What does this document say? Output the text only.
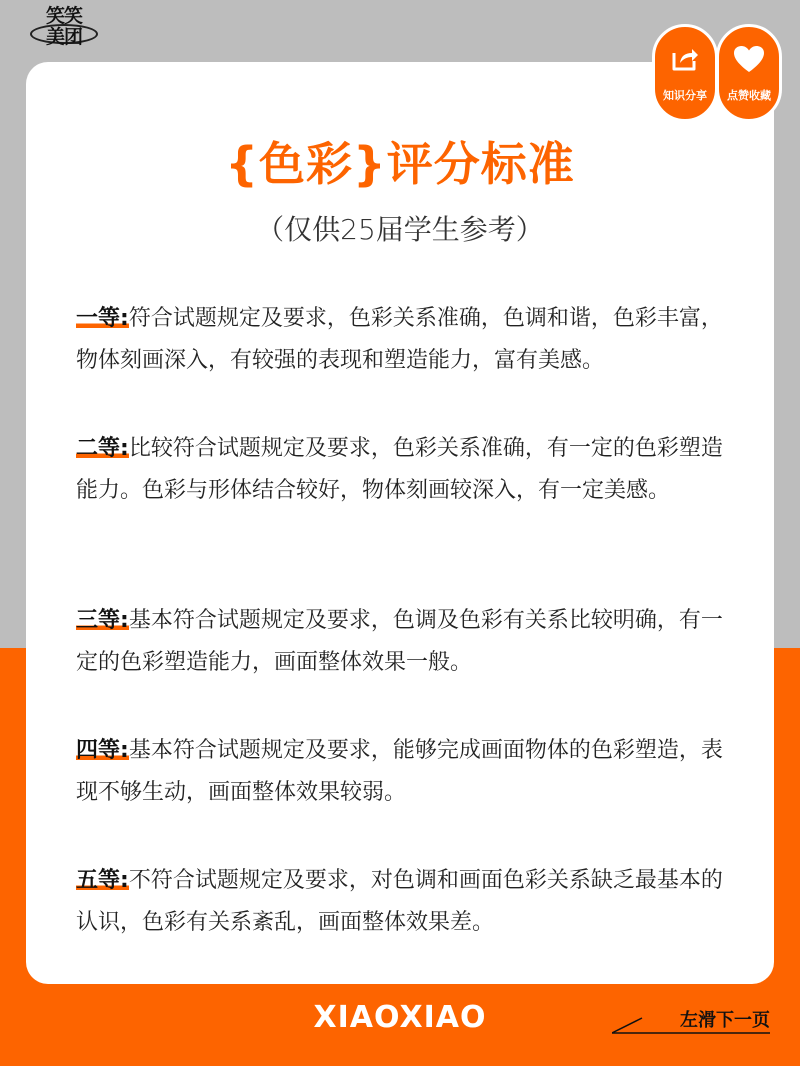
笑笑
美团
知识分享	点赞收藏
{色彩}评分标准
（仅供25届学生参考）
一等:符合试题规定及要求，色彩关系准确，色调和谐，色彩丰富，物体刻画深入，有较强的表现和塑造能力，富有美感。
二等:比较符合试题规定及要求，色彩关系准确，有一定的色彩塑造能力。色彩与形体结合较好，物体刻画较深入，有一定美感。
三等:基本符合试题规定及要求，色调及色彩有关系比较明确，有一定的色彩塑造能力，画面整体效果一般。
四等:基本符合试题规定及要求，能够完成画面物体的色彩塑造，表现不够生动，画面整体效果较弱。
五等:不符合试题规定及要求，对色调和画面色彩关系缺乏最基本的认识，色彩有关系紊乱，画面整体效果差。
XIAOXIAO	左滑下一页
